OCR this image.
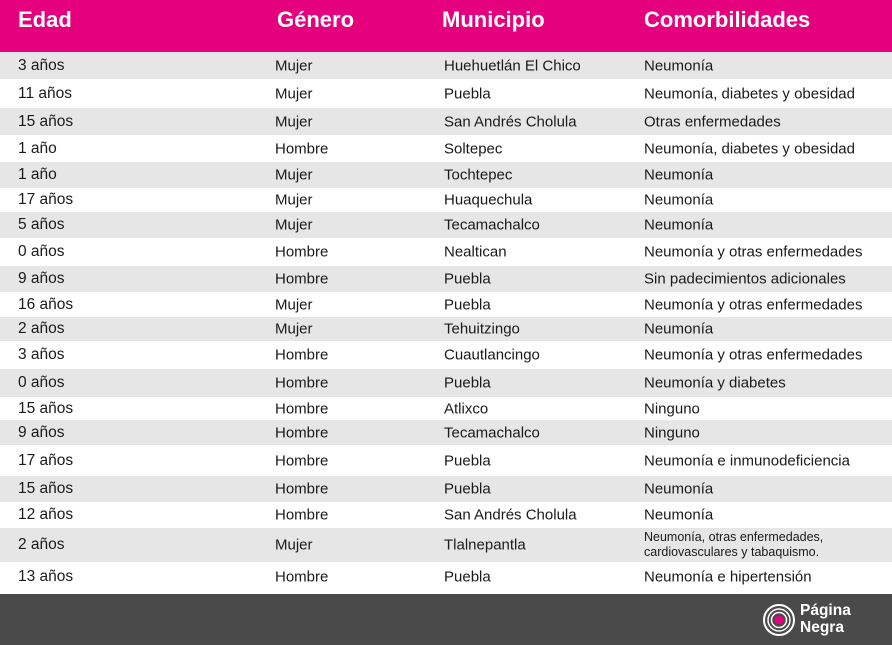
Edad	Género	Municipio	Comorbilidades
3 años	Mujer	Huehuetlán El Chico	Neumonía
11 años	Mujer	Puebla	Neumonía, diabetes y obesidad
15 años	Mujer	San Andrés Cholula	Otras enfermedades
1 año	Hombre	Soltepec	Neumonía, diabetes y obesidad
1 año	Mujer	Tochtepec	Neumonía
17 años	Mujer	Huaquechula	Neumonía
5 años	Mujer	Tecamachalco	Neumonía
0 años	Hombre	Nealtican	Neumonía y otras enfermedades
9 años	Hombre	Puebla	Sin padecimientos adicionales
16 años	Mujer	Puebla	Neumonía y otras enfermedades
2 años	Mujer	Tehuitzingo	Neumonía
3 años	Hombre	Cuautlancingo	Neumonía y otras enfermedades
0 años	Hombre	Puebla	Neumonía y diabetes
15 años	Hombre	Atlixco	Ninguno
9 años	Hombre	Tecamachalco	Ninguno
17 años	Hombre	Puebla	Neumonía e inmunodeficiencia
15 años	Hombre	Puebla	Neumonía
12 años	Hombre	San Andrés Cholula	Neumonía
2 años	Mujer	Tlalnepantla	Neumonía, otras enfermedades, cardiovasculares y tabaquismo.
13 años	Hombre	Puebla	Neumonía e hipertensión
Página
Negra
